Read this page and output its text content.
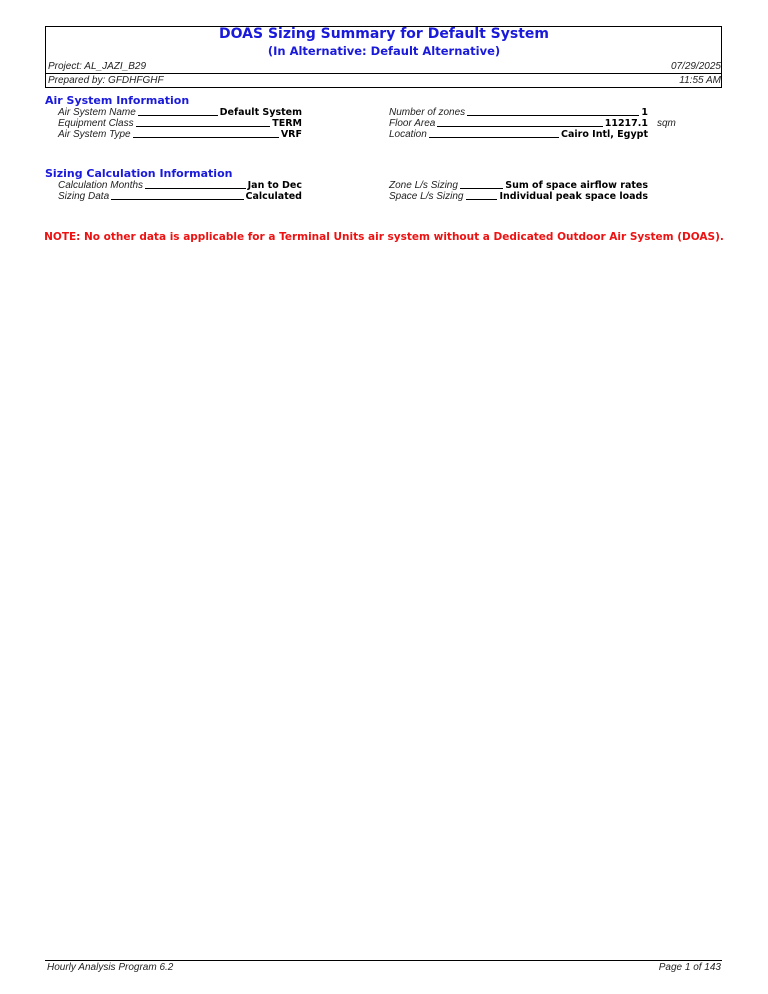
DOAS Sizing Summary for Default System
(In Alternative: Default Alternative)
Project: AL_JAZI_B29
Prepared by: GFDHFGHF
07/29/2025
11:55 AM
Air System Information
Air System Name	Default System
Equipment Class	TERM
Air System Type	VRF
Number of zones	1
Floor Area	11217.1 sqm
Location	Cairo Intl, Egypt
Sizing Calculation Information
Calculation Months	Jan to Dec
Sizing Data	Calculated
Zone L/s Sizing	Sum of space airflow rates
Space L/s Sizing	Individual peak space loads
NOTE: No other data is applicable for a Terminal Units air system without a Dedicated Outdoor Air System (DOAS).
Hourly Analysis Program 6.2	Page 1 of 143
